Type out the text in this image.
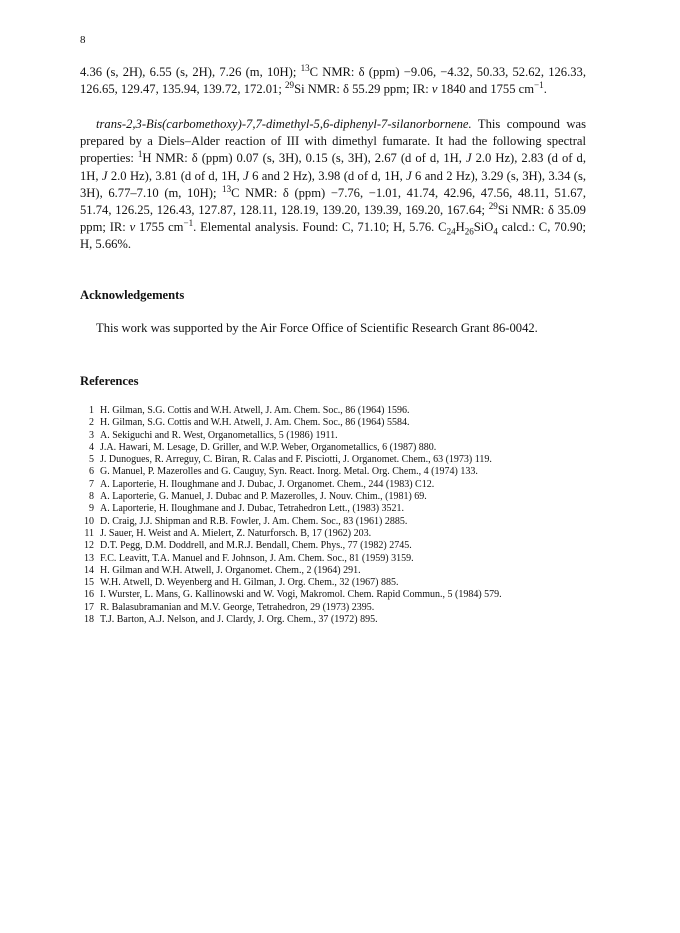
8
4.36 (s, 2H), 6.55 (s, 2H), 7.26 (m, 10H); $^{13}$C NMR: δ (ppm) −9.06, −4.32, 50.33, 52.62, 126.33, 126.65, 129.47, 135.94, 139.72, 172.01; $^{29}$Si NMR: δ 55.29 ppm; IR: ν 1840 and 1755 $cm^{-1}$.
trans-2,3-Bis(carbomethoxy)-7,7-dimethyl-5,6-diphenyl-7-silanorbornene. This compound was prepared by a Diels–Alder reaction of III with dimethyl fumarate. It had the following spectral properties: $^1$H NMR: δ (ppm) 0.07 (s, 3H), 0.15 (s, 3H), 2.67 (d of d, 1H, J 2.0 Hz), 2.83 (d of d, 1H, J 2.0 Hz), 3.81 (d of d, 1H, J 6 and 2 Hz), 3.98 (d of d, 1H, J 6 and 2 Hz), 3.29 (s, 3H), 3.34 (s, 3H), 6.77–7.10 (m, 10H); $^{13}$C NMR: δ (ppm) −7.76, −1.01, 41.74, 42.96, 47.56, 48.11, 51.67, 51.74, 126.25, 126.43, 127.87, 128.11, 128.19, 139.20, 139.39, 169.20, 167.64; $^{29}$Si NMR: δ 35.09 ppm; IR: ν 1755 $cm^{-1}$. Elemental analysis. Found: C, 71.10; H, 5.76. $C_{24}H_{26}SiO_4$ calcd.: C, 70.90; H, 5.66%.
Acknowledgements
This work was supported by the Air Force Office of Scientific Research Grant 86-0042.
References
1 H. Gilman, S.G. Cottis and W.H. Atwell, J. Am. Chem. Soc., 86 (1964) 1596.
2 H. Gilman, S.G. Cottis and W.H. Atwell, J. Am. Chem. Soc., 86 (1964) 5584.
3 A. Sekiguchi and R. West, Organometallics, 5 (1986) 1911.
4 J.A. Hawari, M. Lesage, D. Griller, and W.P. Weber, Organometallics, 6 (1987) 880.
5 J. Dunogues, R. Arreguy, C. Biran, R. Calas and F. Pisciotti, J. Organomet. Chem., 63 (1973) 119.
6 G. Manuel, P. Mazerolles and G. Cauguy, Syn. React. Inorg. Metal. Org. Chem., 4 (1974) 133.
7 A. Laporterie, H. Iloughmane and J. Dubac, J. Organomet. Chem., 244 (1983) C12.
8 A. Laporterie, G. Manuel, J. Dubac and P. Mazerolles, J. Nouv. Chim., (1981) 69.
9 A. Laporterie, H. Iloughmane and J. Dubac, Tetrahedron Lett., (1983) 3521.
10 D. Craig, J.J. Shipman and R.B. Fowler, J. Am. Chem. Soc., 83 (1961) 2885.
11 J. Sauer, H. Weist and A. Mielert, Z. Naturforsch. B, 17 (1962) 203.
12 D.T. Pegg, D.M. Doddrell, and M.R.J. Bendall, Chem. Phys., 77 (1982) 2745.
13 F.C. Leavitt, T.A. Manuel and F. Johnson, J. Am. Chem. Soc., 81 (1959) 3159.
14 H. Gilman and W.H. Atwell, J. Organomet. Chem., 2 (1964) 291.
15 W.H. Atwell, D. Weyenberg and H. Gilman, J. Org. Chem., 32 (1967) 885.
16 I. Wurster, L. Mans, G. Kallinowski and W. Vogi, Makromol. Chem. Rapid Commun., 5 (1984) 579.
17 R. Balasubramanian and M.V. George, Tetrahedron, 29 (1973) 2395.
18 T.J. Barton, A.J. Nelson, and J. Clardy, J. Org. Chem., 37 (1972) 895.
